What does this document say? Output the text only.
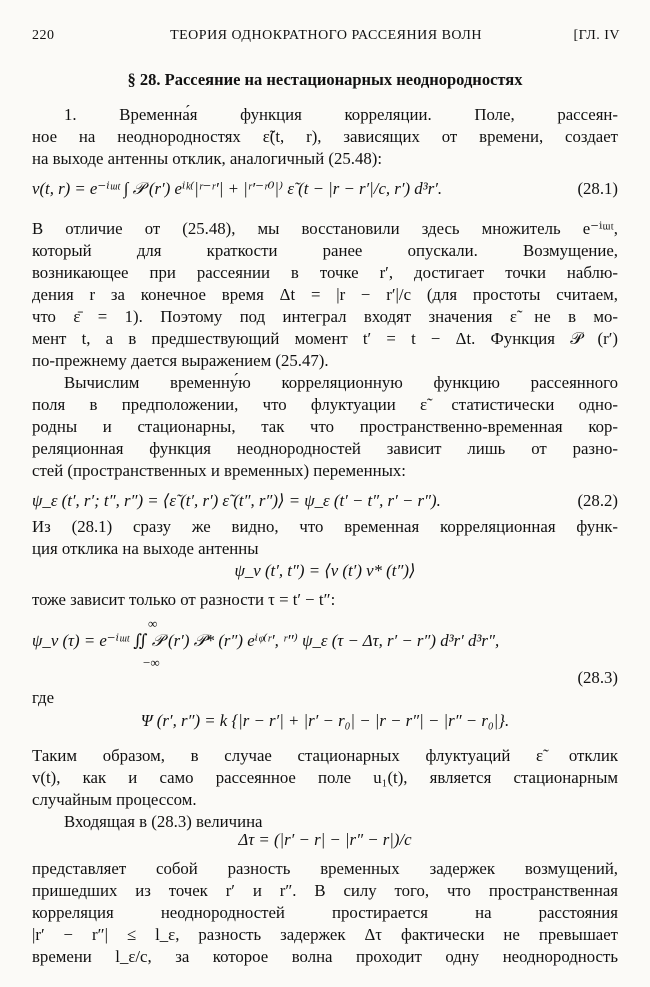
220	ТЕОРИЯ ОДНОКРАТНОГО РАССЕЯНИЯ ВОЛН	[ГЛ. IV
§ 28. Рассеяние на нестационарных неоднородностях
1. Временна́я функция корреляции. Поле, рассеян-
ное на неоднородностях ε̃(t, r), зависящих от времени, создает
на выходе антенны отклик, аналогичный (25.48):
v(t, r) = e⁻ⁱᵚᵗ ∫ 𝒫 (r′) eⁱᵏ⁽|ʳ⁻ʳ′| + |ʳ′⁻ʳ⁰|⁾ ε̃ (t − |r − r′|/c, r′) d³r′.	(28.1)
В отличие от (25.48), мы восстановили здесь множитель e⁻ⁱᵚᵗ,
который для краткости ранее опускали. Возмущение,
возникающее при рассеянии в точке r′, достигает точки наблю-
дения r за конечное время Δt = |r − r′|/c (для простоты считаем,
что ε̄ = 1). Поэтому под интеграл входят значения ε̃ не в мо-
мент t, а в предшествующий момент t′ = t − Δt. Функция 𝒫 (r′)
по-прежнему дается выражением (25.47).
Вычислим временну́ю корреляционную функцию рассеянного
поля в предположении, что флуктуации ε̃ статистически одно-
родны и стационарны, так что пространственно-временная кор-
реляционная функция неоднородностей зависит лишь от разно-
стей (пространственных и временных) переменных:
ψ_ε (t′, r′; t″, r″) = ⟨ε̃ (t′, r′) ε̃ (t″, r″)⟩ = ψ_ε (t′ − t″, r′ − r″).	(28.2)
Из (28.1) сразу же видно, что временная корреляционная функ-
ция отклика на выходе антенны
ψ_v (t′, t″) = ⟨v (t′) v* (t″)⟩
тоже зависит только от разности τ = t′ − t″:
∞
ψ_v (τ) = e⁻ⁱᵚᵗ ∬ 𝒫 (r′) 𝒫* (r″) eⁱᵠ⁽ʳ′, ʳ″⁾ ψ_ε (τ − Δτ, r′ − r″) d³r′ d³r″,
−∞
(28.3)
где
Ψ (r′, r″) = k {|r − r′| + |r′ − r₀| − |r − r″| − |r″ − r₀|}.
Таким образом, в случае стационарных флуктуаций ε̃ отклик
v(t), как и само рассеянное поле u₁(t), является стационарным
случайным процессом.
Входящая в (28.3) величина
Δτ = (|r′ − r| − |r″ − r|)/c
представляет собой разность временных задержек возмущений,
пришедших из точек r′ и r″. В силу того, что пространственная
корреляция неоднородностей простирается на расстояния
|r′ − r″| ≤ l_ε, разность задержек Δτ фактически не превышает
времени l_ε/c, за которое волна проходит одну неоднородность
